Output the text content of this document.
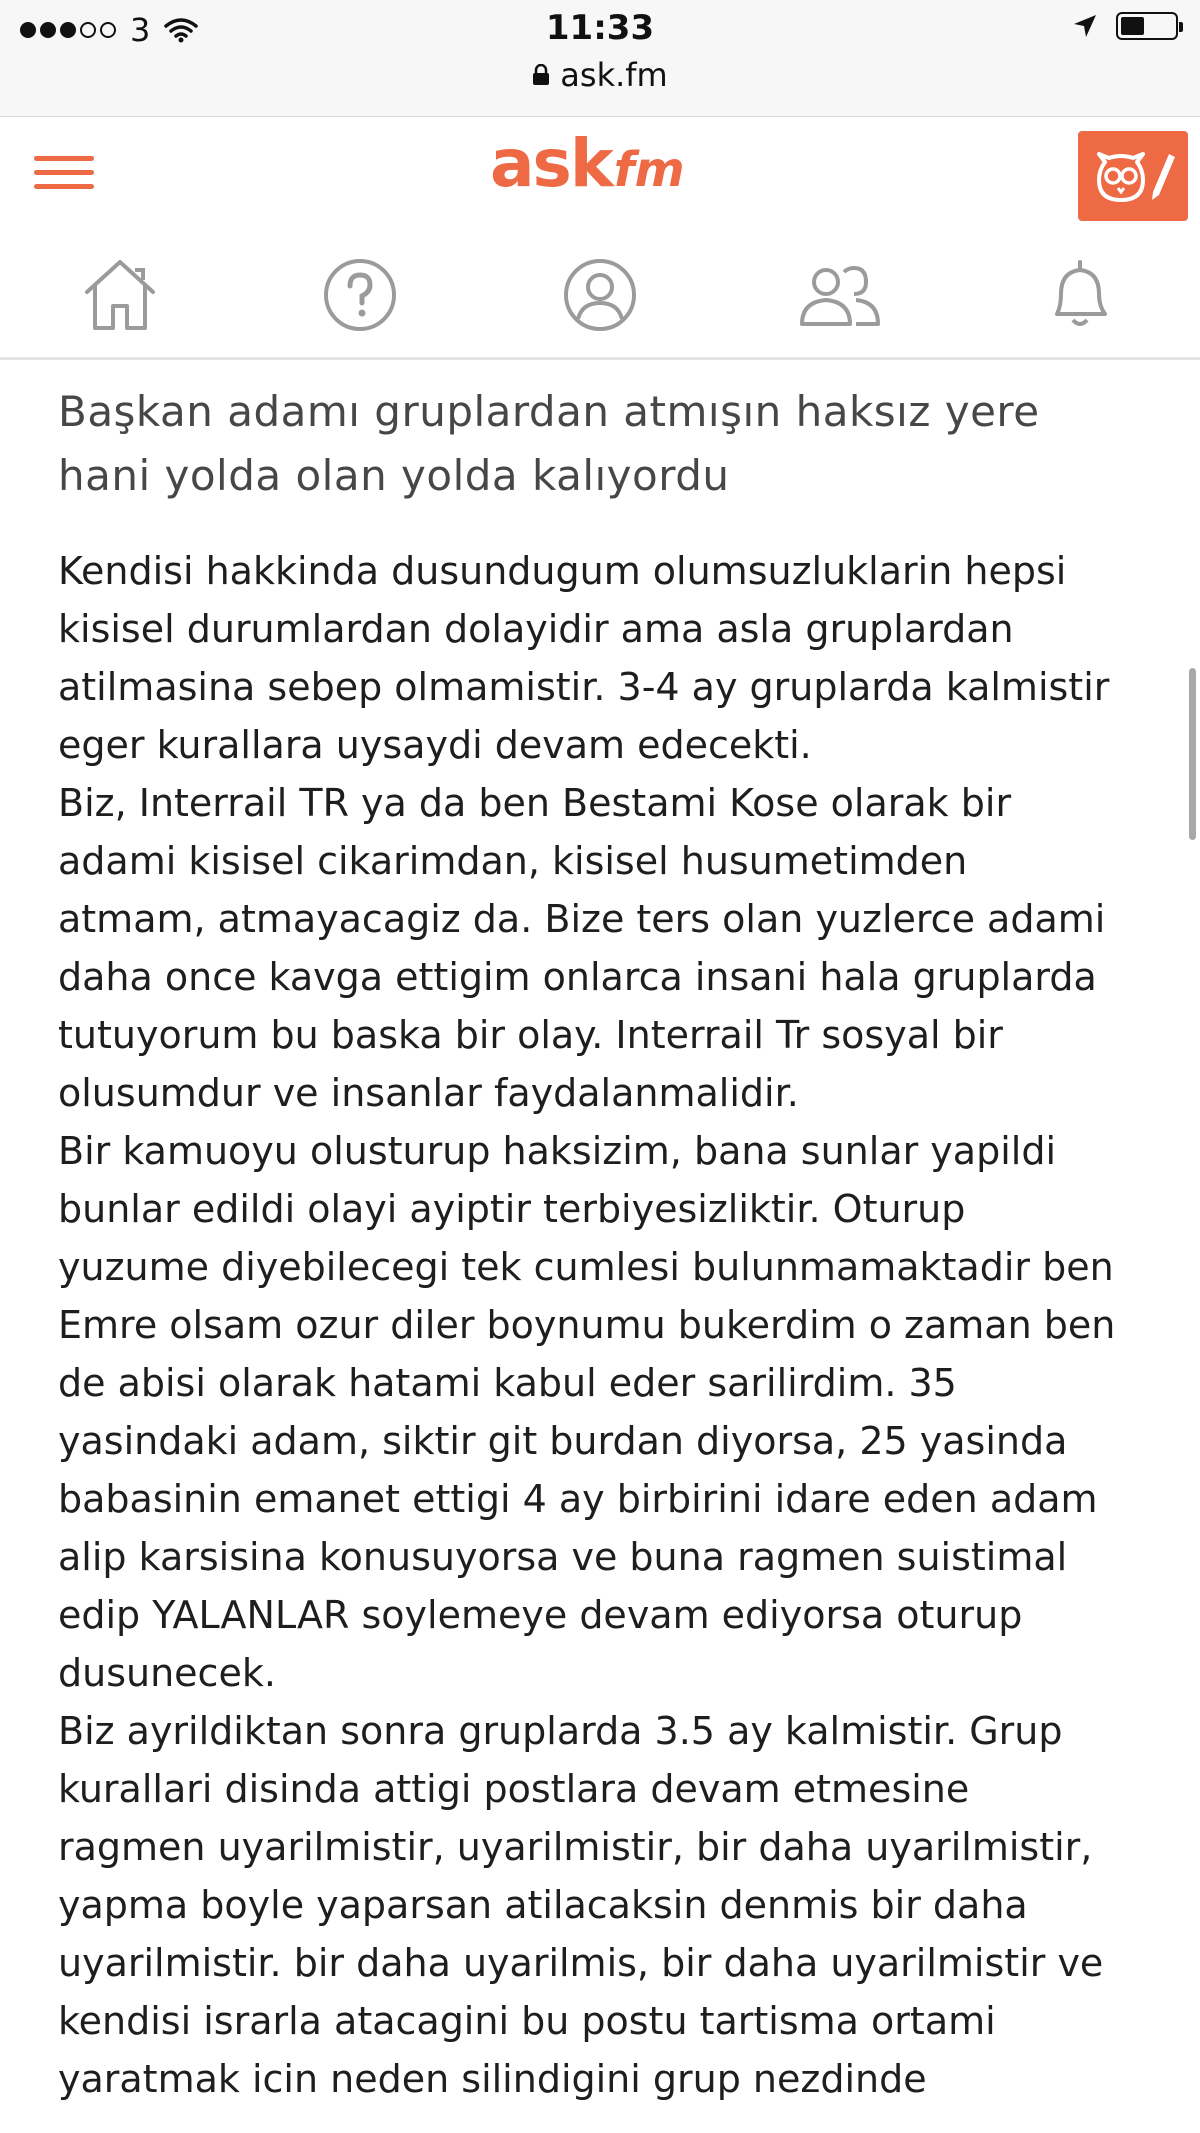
3	11:33
ask.fm
ask fm
Başkan adamı gruplardan atmışın haksız yere hani yolda olan yolda kalıyordu

Kendisi hakkinda dusundugum olumsuzluklarin hepsi kisisel durumlardan dolayidir ama asla gruplardan atilmasina sebep olmamistir. 3-4 ay gruplarda kalmistir eger kurallara uysaydi devam edecekti.

Biz, Interrail TR ya da ben Bestami Kose olarak bir adami kisisel cikarimdan, kisisel husumetimden atmam, atmayacagiz da. Bize ters olan yuzlerce adami daha once kavga ettigim onlarca insani hala gruplarda tutuyorum bu baska bir olay. Interrail Tr sosyal bir olusumdur ve insanlar faydalanmalidir.

Bir kamuoyu olusturup haksizim, bana sunlar yapildi bunlar edildi olayi ayiptir terbiyesizliktir. Oturup yuzume diyebilecegi tek cumlesi bulunmamaktadir ben Emre olsam ozur diler boynumu bukerdim o zaman ben de abisi olarak hatami kabul eder sarilirdim. 35 yasindaki adam, siktir git burdan diyorsa, 25 yasinda babasinin emanet ettigi 4 ay birbirini idare eden adam alip karsisina konusuyorsa ve buna ragmen suistimal edip YALANLAR soylemeye devam ediyorsa oturup dusunecek.

Biz ayrildiktan sonra gruplarda 3.5 ay kalmistir. Grup kurallari disinda attigi postlara devam etmesine ragmen uyarilmistir, uyarilmistir, bir daha uyarilmistir, yapma boyle yaparsan atilacaksin denmis bir daha uyarilmistir. bir daha uyarilmis, bir daha uyarilmistir ve kendisi israrla atacagini bu postu tartisma ortami yaratmak icin neden silindigini grup nezdinde
